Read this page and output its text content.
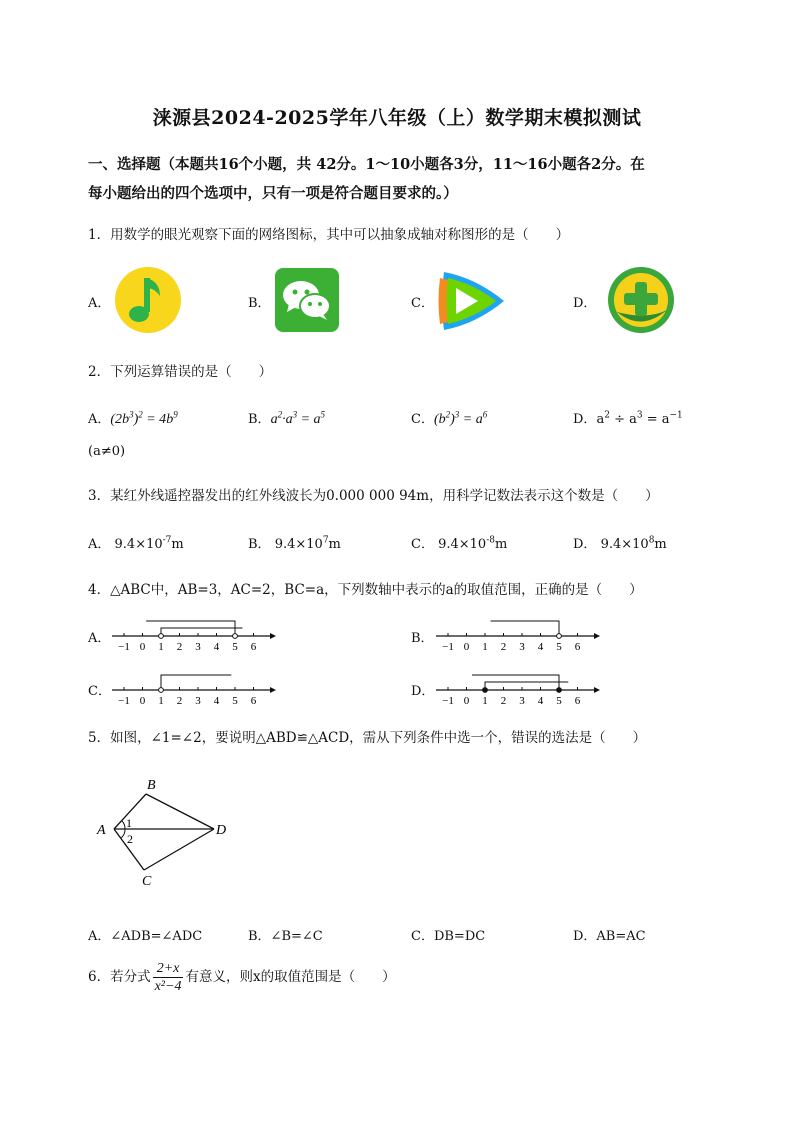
涞源县2024-2025学年八年级（上）数学期末模拟测试
一、选择题（本题共16个小题，共 42分。1～10小题各3分，11～16小题各2分。在
每小题给出的四个选项中，只有一项是符合题目要求的。）
1．用数学的眼光观察下面的网络图标，其中可以抽象成轴对称图形的是（　　）
A．	B．	C．	D．
2．下列运算错误的是（　　）
A．$(2b^3)^2 = 4b^9$	B．$a^2\cdot a^3 = a^5$	C．$(b^2)^3 = a^6$	D．$a^2 \div a^3 = a^{-1}$
(a≠0)
3．某红外线遥控器发出的红外线波长为0.000 000 94m，用科学记数法表示这个数是（　　）
A． $9.4\times 10^{-7}m$	B． $9.4\times 10^7m$	C． $9.4\times 10^{-8}m$	D． $9.4\times 10^8m$
4．△ABC中，AB=3，AC=2，BC=a，下列数轴中表示的a的取值范围，正确的是（　　）
A．	B．
C．	D．
−1 0 1 2 3 4 5 6	−1 0 1 2 3 4 5 6
−1 0 1 2 3 4 5 6	−1 0 1 2 3 4 5 6
5．如图，∠1=∠2，要说明△ABD≌△ACD，需从下列条件中选一个，错误的选法是（　　）
B
A	D
C
1
2
A．∠ADB=∠ADC	B．∠B=∠C	C．DB=DC	D．AB=AC
6．若分式 $\frac{2+x}{\text{x²−4}}$ 有意义，则x的取值范围是（　　）
